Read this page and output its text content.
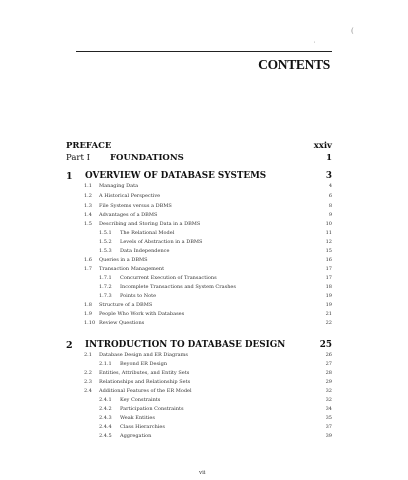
(
'
CONTENTS
PREFACE	xxiv
Part I FOUNDATIONS	1
1 OVERVIEW OF DATABASE SYSTEMS	3
1.1 Managing Data	4
1.2 A Historical Perspective	6
1.3 File Systems versus a DBMS	8
1.4 Advantages of a DBMS	9
1.5 Describing and Storing Data in a DBMS	10
1.5.1 The Relational Model	11
1.5.2 Levels of Abstraction in a DBMS	12
1.5.3 Data Independence	15
1.6 Queries in a DBMS	16
1.7 Transaction Management	17
1.7.1 Concurrent Execution of Transactions	17
1.7.2 Incomplete Transactions and System Crashes	18
1.7.3 Points to Note	19
1.8 Structure of a DBMS	19
1.9 People Who Work with Databases	21
1.10 Review Questions	22
2 INTRODUCTION TO DATABASE DESIGN	25
2.1 Database Design and ER Diagrams	26
2.1.1 Beyond ER Design	27
2.2 Entities, Attributes, and Entity Sets	28
2.3 Relationships and Relationship Sets	29
2.4 Additional Features of the ER Model	32
2.4.1 Key Constraints	32
2.4.2 Participation Constraints	34
2.4.3 Weak Entities	35
2.4.4 Class Hierarchies	37
2.4.5 Aggregation	39
vii
